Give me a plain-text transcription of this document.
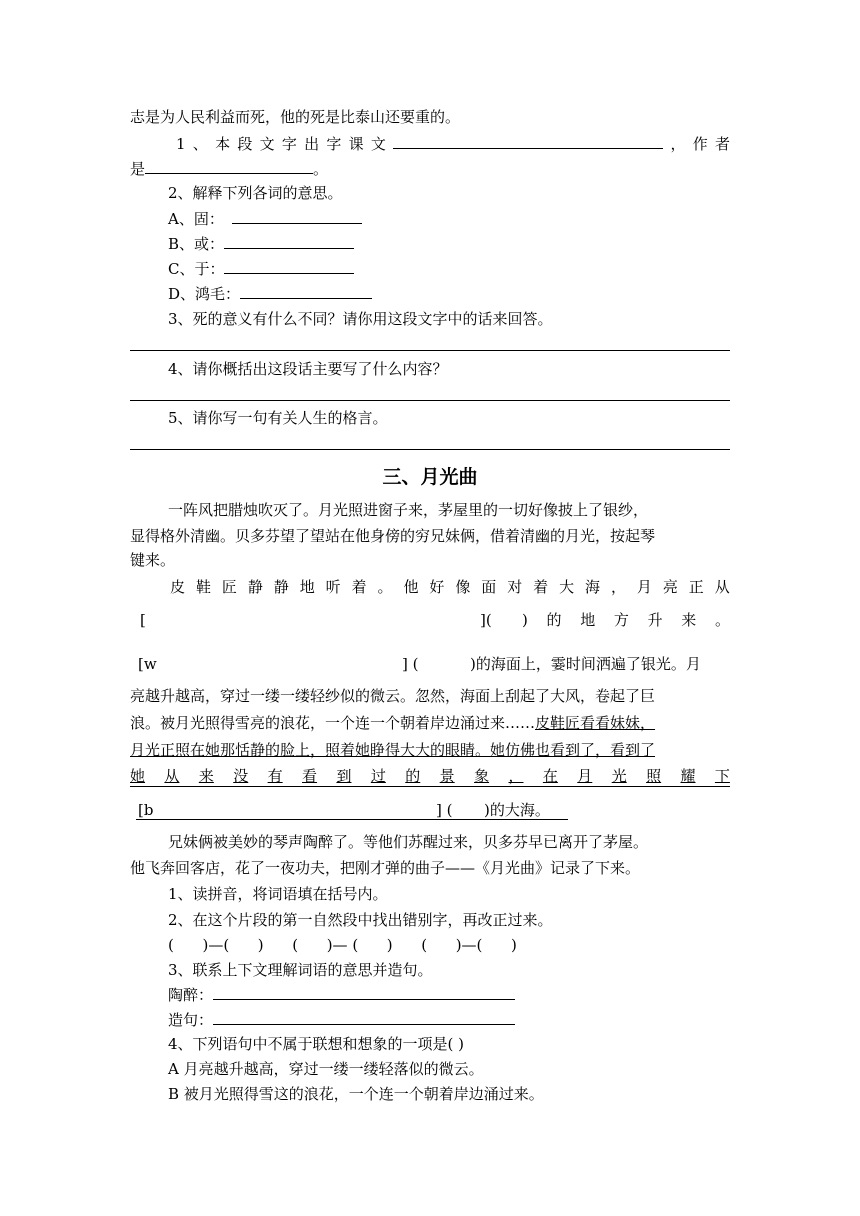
志是为人民利益而死，他的死是比泰山还要重的。
1 、 本 段 文 字 出 字 课 文	， 作 者
是	。
2、解释下列各词的意思。
A、固：
B、或：
C、于：
D、鸿毛：
3、死的意义有什么不同？请你用这段文字中的话来回答。
4、请你概括出这段话主要写了什么内容？
5、请你写一句有关人生的格言。
三、月光曲
一阵风把腊烛吹灭了。月光照进窗子来，茅屋里的一切好像披上了银纱，
显得格外清幽。贝多芬望了望站在他身傍的穷兄妹俩，借着清幽的月光，按起琴
键来。
皮 鞋 匠 静 静 地 听 着 。 他 好 像 面 对 着 大 海 ， 月 亮 正 从
[	]( ) 的 地 方 升 来 。
[w	] (	)的海面上，霎时间洒遍了银光。月
亮越升越高，穿过一缕一缕轻纱似的微云。忽然，海面上刮起了大风，卷起了巨
浪。被月光照得雪亮的浪花，一个连一个朝着岸边涌过来……皮鞋匠看看妹妹，
月光正照在她那恬静的脸上，照着她睁得大大的眼睛。她仿佛也看到了，看到了
她 从 来 没 有 看 到 过 的 景 象 ， 在 月 光 照 耀 下
[b	] ( )的大海。
兄妹俩被美妙的琴声陶醉了。等他们苏醒过来，贝多芬早已离开了茅屋。
他飞奔回客店，花了一夜功夫，把刚才弹的曲子——《月光曲》记录了下来。
1、读拼音，将词语填在括号内。
2、在这个片段的第一自然段中找出错别字，再改正过来。
(      )—(      )      (      )— (      )      (      )—(      )
3、联系上下文理解词语的意思并造句。
陶醉：
造句：
4、下列语句中不属于联想和想象的一项是( )
A 月亮越升越高，穿过一缕一缕轻落似的微云。
B 被月光照得雪这的浪花，一个连一个朝着岸边涌过来。
